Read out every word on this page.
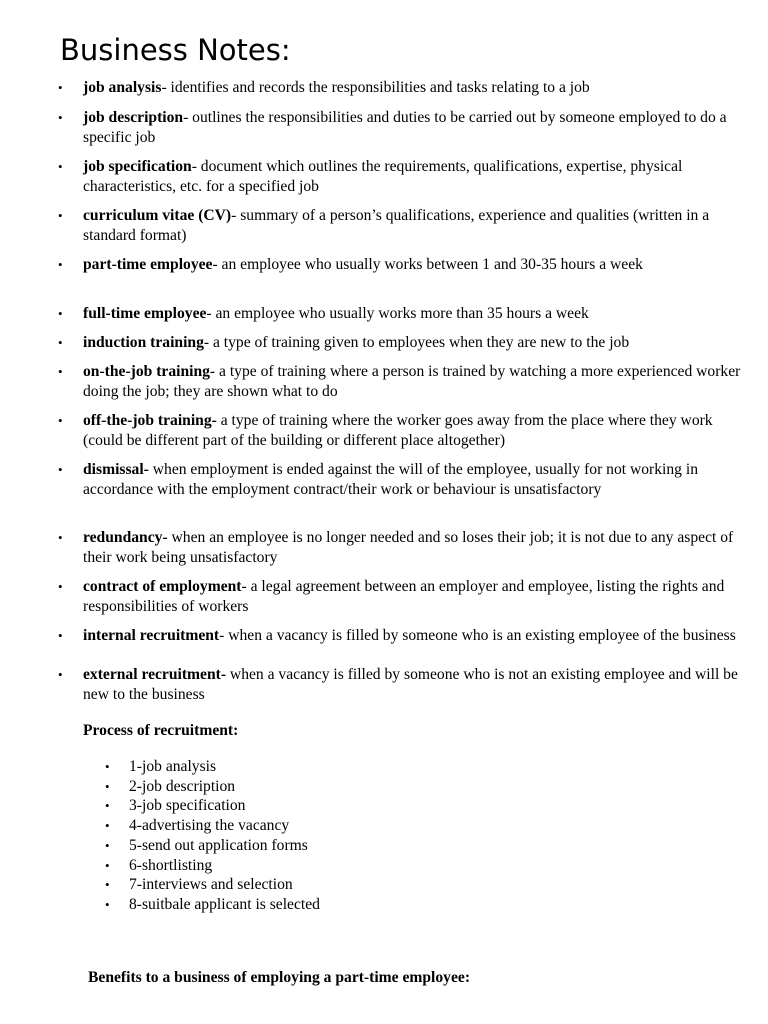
Business Notes:
• job analysis- identifies and records the responsibilities and tasks relating to a job
• job description- outlines the responsibilities and duties to be carried out by someone employed to do a specific job
• job specification- document which outlines the requirements, qualifications, expertise, physical characteristics, etc. for a specified job
• curriculum vitae (CV)- summary of a person’s qualifications, experience and qualities (written in a standard format)
• part-time employee- an employee who usually works between 1 and 30-35 hours a week
• full-time employee- an employee who usually works more than 35 hours a week
• induction training- a type of training given to employees when they are new to the job
• on-the-job training- a type of training where a person is trained by watching a more experienced worker doing the job; they are shown what to do
• off-the-job training- a type of training where the worker goes away from the place where they work (could be different part of the building or different place altogether)
• dismissal- when employment is ended against the will of the employee, usually for not working in accordance with the employment contract/their work or behaviour is unsatisfactory
• redundancy- when an employee is no longer needed and so loses their job; it is not due to any aspect of their work being unsatisfactory
• contract of employment- a legal agreement between an employer and employee, listing the rights and responsibilities of workers
• internal recruitment- when a vacancy is filled by someone who is an existing employee of the business
• external recruitment- when a vacancy is filled by someone who is not an existing employee and will be new to the business
Process of recruitment:
• 1-job analysis
• 2-job description
• 3-job specification
• 4-advertising the vacancy
• 5-send out application forms
• 6-shortlisting
• 7-interviews and selection
• 8-suitbale applicant is selected
Benefits to a business of employing a part-time employee:
